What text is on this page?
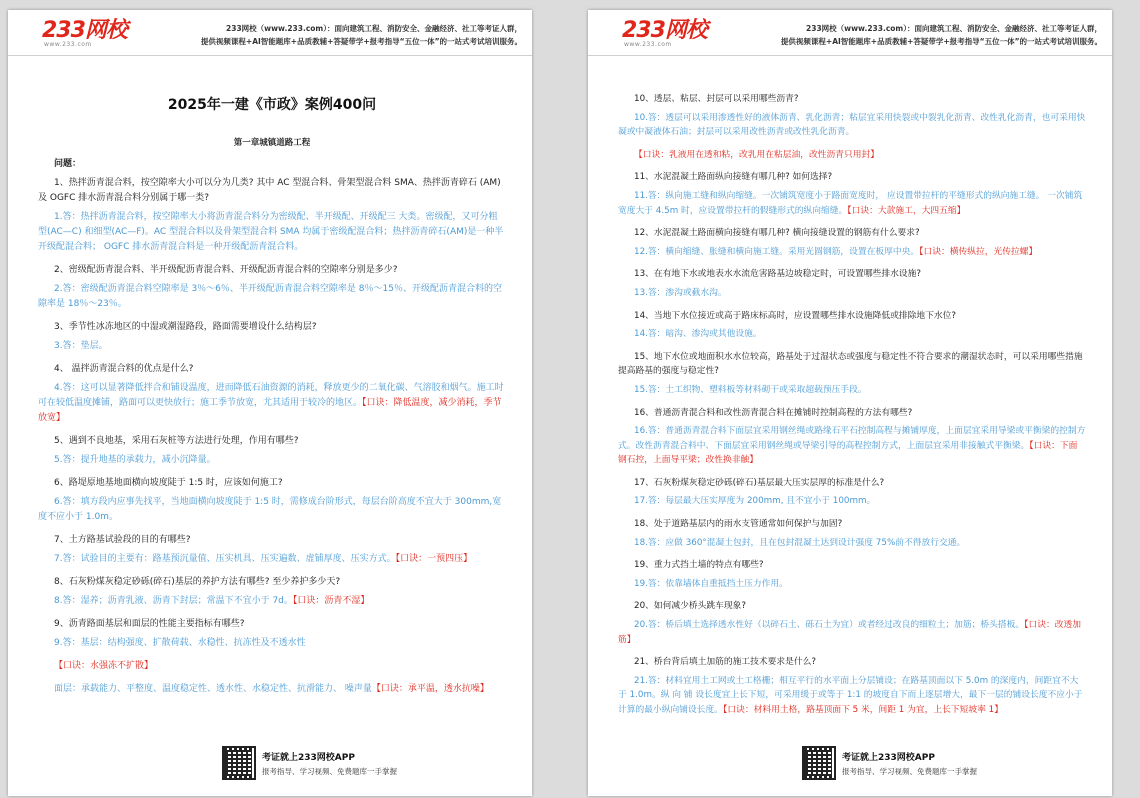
233网校
www.233.com
233网校（www.233.com）：面向建筑工程、消防安全、金融经济、社工等考证人群，
提供视频课程+AI智能题库+品质教辅+答疑带学+报考指导“五位一体”的一站式考试培训服务。
2025年一建《市政》案例400问
第一章城镇道路工程
问题：

1、热拌沥青混合料，按空隙率大小可以分为几类? 其中 AC 型混合料、骨架型混合料 SMA、热拌沥青碎石 (AM)及 OGFC 排水沥青混合料分别属于哪一类?

1.答：热拌沥青混合料，按空隙率大小将沥青混合料分为密级配、半开级配、开级配三 大类。密级配，又可分粗型(AC—C) 和细型(AC—F)。AC 型混合料以及骨架型混合料 SMA 均属于密级配混合料；热拌沥青碎石(AM)是一种半开级配混合料； OGFC 排水沥青混合料是一种开级配沥青混合料。

2、密级配沥青混合料、半开级配沥青混合料、开级配沥青混合料的空隙率分别是多少?

2.答：密级配沥青混合料空隙率是 3％～6％、半开级配沥青混合料空隙率是 8％～15％、开级配沥青混合料的空隙率是 18％～23％。

3、季节性冰冻地区的中湿或潮湿路段，路面需要增设什么结构层?

3.答：垫层。

4、 温拌沥青混合料的优点是什么?

4.答：这可以显著降低拌合和铺设温度，进而降低石油资源的消耗，释放更少的二氧化碳、气溶胶和烟气。施工时可在较低温度摊铺，路面可以更快放行；施工季节放宽，尤其适用于较冷的地区。【口诀：降低温度，减少消耗，季节放宽】

5、遇到不良地基，采用石灰桩等方法进行处理，作用有哪些?

5.答：提升地基的承载力，减小沉降量。

6、路堤原地基地面横向坡度陡于 1:5 时，应该如何施工?

6.答：填方段内应事先找平，当地面横向坡度陡于 1:5 时，需修成台阶形式，每层台阶高度不宜大于 300mm,宽度不应小于 1.0m。

7、土方路基试验段的目的有哪些?

7.答：试验目的主要有：路基预沉量值、压实机具、压实遍数、虚铺厚度、压实方式。【口诀：一预四压】

8、石灰粉煤灰稳定砂砾(碎石)基层的养护方法有哪些? 至少养护多少天?

8.答：湿养；沥青乳液、沥青下封层；常温下不宜小于 7d。【口诀：沥青不湿】

9、沥青路面基层和面层的性能主要指标有哪些?

9.答：基层：结构强度、扩散荷载、水稳性、抗冻性及不透水性

【口诀：水强冻不扩散】

面层：承载能力、平整度、温度稳定性、透水性、水稳定性、抗滑能力、 噪声量【口诀：承平温，透水抗噪】

考证就上233网校APP
报考指导、学习视频、免费题库一手掌握
233网校
www.233.com
233网校（www.233.com）：面向建筑工程、消防安全、金融经济、社工等考证人群，
提供视频课程+AI智能题库+品质教辅+答疑带学+报考指导“五位一体”的一站式考试培训服务。

10、透层、粘层、封层可以采用哪些沥青?

10.答：透层可以采用渗透性好的液体沥青、乳化沥青；粘层宜采用快裂或中裂乳化沥青、改性乳化沥青，也可采用快凝或中凝液体石油；封层可以采用改性沥青或改性乳化沥青。

【口诀：乳液用在透和粘，改乳用在粘层油，改性沥青只用封】

11、水泥混凝土路面纵向接缝有哪几种? 如何选择?

11.答：纵向施工缝和纵向缩缝。一次铺筑宽度小于路面宽度时， 应设置带拉杆的平缝形式的纵向施工缝。 一次铺筑宽度大于 4.5m 时，应设置带拉杆的假缝形式的纵向缩缝。【口诀：大款施工，大四五缩】

12、水泥混凝土路面横向接缝有哪几种? 横向接缝设置的钢筋有什么要求?

12.答：横向缩缝、胀缝和横向施工缝。采用光圆钢筋，设置在板厚中央。【口诀：横传纵拉，光传拉螺】

13、在有地下水或地表水水流危害路基边坡稳定时，可设置哪些排水设施?

13.答：渗沟或截水沟。

14、当地下水位接近或高于路床标高时，应设置哪些排水设施降低或排除地下水位?

14.答：暗沟、渗沟或其他设施。

15、地下水位或地面积水水位较高，路基处于过湿状态或强度与稳定性不符合要求的潮湿状态时，可以采用哪些措施提高路基的强度与稳定性?

15.答：土工织物、塑料板等材料砌干或采取超载预压手段。

16、普通沥青混合料和改性沥青混合料在摊铺时控制高程的方法有哪些?

16.答：普通沥青混合料下面层宜采用钢丝绳或路缘石平石控制高程与摊铺厚度，上面层宜采用导梁或平衡梁的控制方式。改性沥青混合料中、下面层宜采用钢丝绳或导梁引导的高程控制方式，上面层宜采用非接触式平衡梁。【口诀：下面钢石控，上面导平梁；改性换非触】

17、石灰粉煤灰稳定砂砾(碎石)基层最大压实层厚的标准是什么?

17.答：每层最大压实厚度为 200mm, 且不宜小于 100mm。

18、处于道路基层内的雨水支管通常如何保护与加固?

18.答：应做 360°混凝土包封，且在包封混凝土达到设计强度 75%前不得放行交通。

19、重力式挡土墙的特点有哪些?

19.答：依靠墙体自重抵挡土压力作用。

20、如何减少桥头跳车现象?

20.答：桥后填土选择透水性好（以碎石土、砾石土为宜）或者经过改良的细粒土；加筋；桥头搭板。【口诀：改透加筋】

21、桥台背后填土加筋的施工技术要求是什么?

21.答：材料宜用土工网或土工格栅；相互平行的水平面上分层铺设；在路基顶面以下 5.0m 的深度内，间距宜不大于 1.0m。纵 向 铺 设长度宜上长下短，可采用缓于或等于 1:1 的坡度自下而上逐层增大，最下一层的铺设长度不应小于计算的最小纵向铺设长度。【口诀：材料用土格，路基顶面下 5 米，间距 1 为宜，上长下短坡率 1】

考证就上233网校APP
报考指导、学习视频、免费题库一手掌握
